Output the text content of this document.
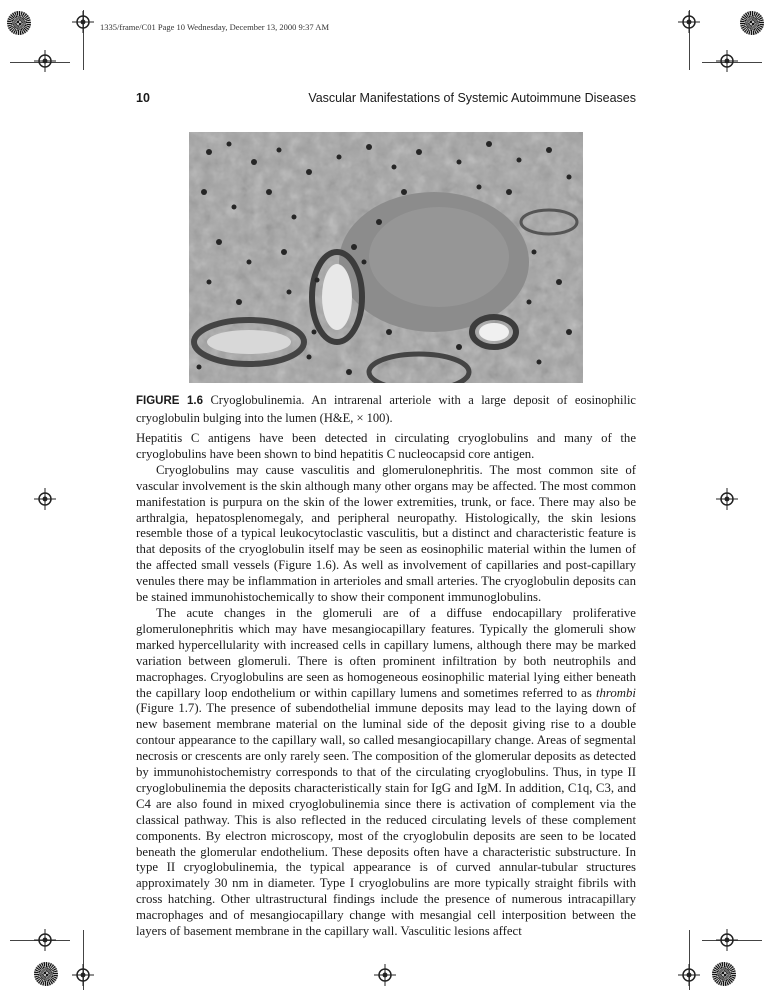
1335/frame/C01 Page 10 Wednesday, December 13, 2000 9:37 AM
10	Vascular Manifestations of Systemic Autoimmune Diseases
FIGURE 1.6 Cryoglobulinemia. An intrarenal arteriole with a large deposit of eosinophilic cryoglobulin bulging into the lumen (H&E, × 100).

Hepatitis C antigens have been detected in circulating cryoglobulins and many of the cryoglobulins have been shown to bind hepatitis C nucleocapsid core antigen.

Cryoglobulins may cause vasculitis and glomerulonephritis. The most common site of vascular involvement is the skin although many other organs may be affected. The most common manifestation is purpura on the skin of the lower extremities, trunk, or face. There may also be arthralgia, hepatosplenomegaly, and peripheral neuropathy. Histologically, the skin lesions resemble those of a typical leukocytoclastic vasculitis, but a distinct and characteristic feature is that deposits of the cryoglobulin itself may be seen as eosinophilic material within the lumen of the affected small vessels (Figure 1.6). As well as involvement of capillaries and post-capillary venules there may be inflammation in arterioles and small arteries. The cryoglobulin deposits can be stained immunohistochemically to show their component immunoglobulins.

The acute changes in the glomeruli are of a diffuse endocapillary proliferative glomerulonephritis which may have mesangiocapillary features. Typically the glomeruli show marked hypercellularity with increased cells in capillary lumens, although there may be marked variation between glomeruli. There is often prominent infiltration by both neutrophils and macrophages. Cryoglobulins are seen as homogeneous eosinophilic material lying either beneath the capillary loop endothelium or within capillary lumens and sometimes referred to as thrombi (Figure 1.7). The presence of subendothelial immune deposits may lead to the laying down of new basement membrane material on the luminal side of the deposit giving rise to a double contour appearance to the capillary wall, so called mesangiocapillary change. Areas of segmental necrosis or crescents are only rarely seen. The composition of the glomerular deposits as detected by immunohistochemistry corresponds to that of the circulating cryoglobulins. Thus, in type II cryoglobulinemia the deposits characteristically stain for IgG and IgM. In addition, C1q, C3, and C4 are also found in mixed cryoglobulinemia since there is activation of complement via the classical pathway. This is also reflected in the reduced circulating levels of these complement components. By electron microscopy, most of the cryoglobulin deposits are seen to be located beneath the glomerular endothelium. These deposits often have a characteristic substructure. In type II cryoglobulinemia, the typical appearance is of curved annular-tubular structures approximately 30 nm in diameter. Type I cryoglobulins are more typically straight fibrils with cross hatching. Other ultrastructural findings include the presence of numerous intracapillary macrophages and of mesangiocapillary change with mesangial cell interposition between the layers of basement membrane in the capillary wall. Vasculitic lesions affect
